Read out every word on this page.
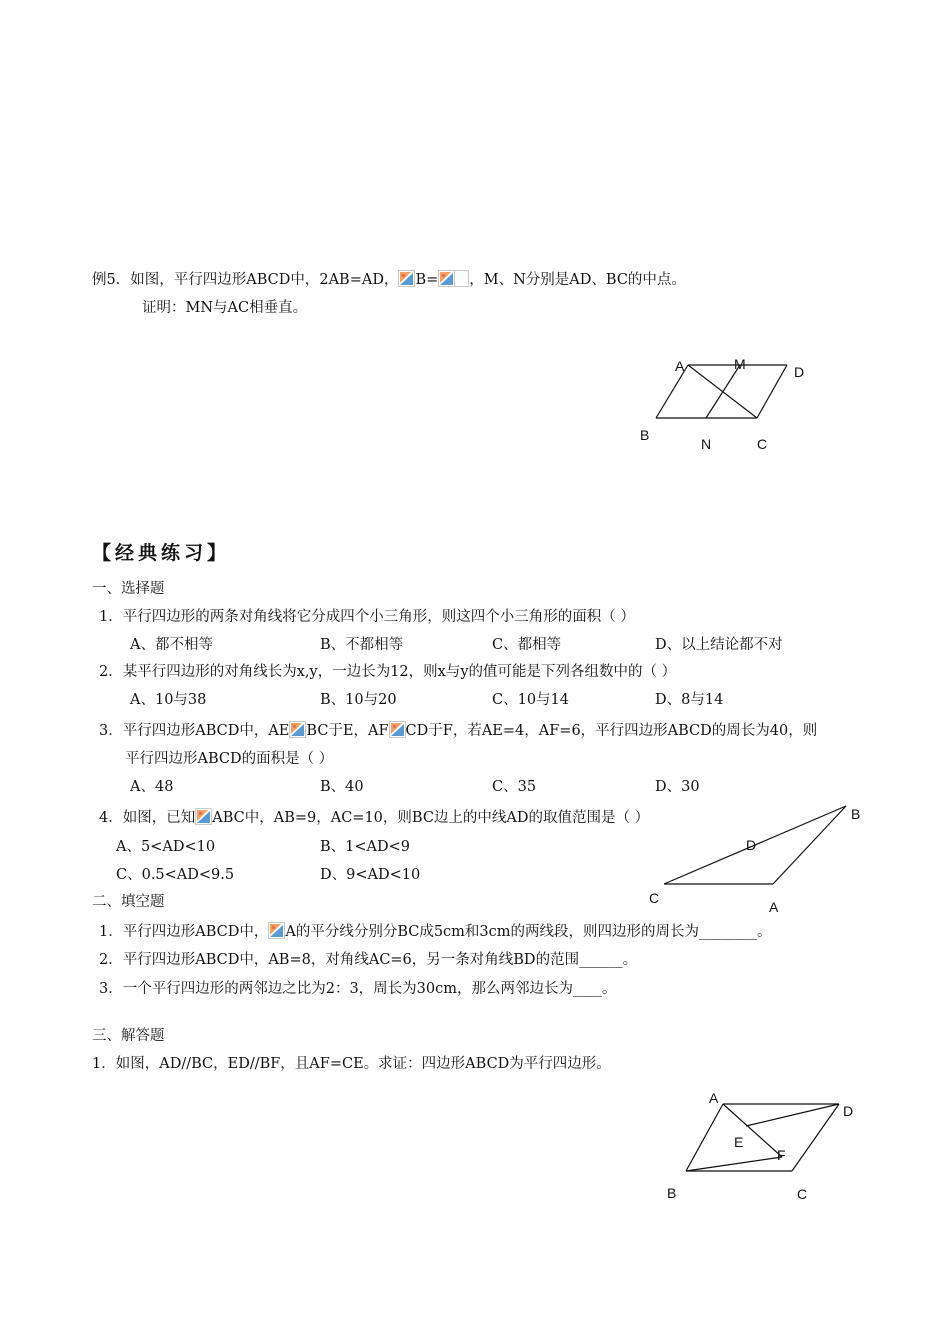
例5．如图，平行四边形ABCD中，2AB=AD， B= ，M、N分别是AD、BC的中点。
证明：MN与AC相垂直。
A	M	D
B
N	C
【经典练习】
一、选择题
1．平行四边形的两条对角线将它分成四个小三角形，则这四个小三角形的面积（ ）
A、都不相等	B、不都相等	C、都相等	D、以上结论都不对
2．某平行四边形的对角线长为x,y，一边长为12，则x与y的值可能是下列各组数中的（ ）
A、10与38	B、10与20	C、10与14	D、8与14
3．平行四边形ABCD中，AE BC于E，AF CD于F，若AE=4，AF=6，平行四边形ABCD的周长为40，则
平行四边形ABCD的面积是（ ）
A、48	B、40	C、35	D、30
4．如图，已知 ABC中，AB=9，AC=10，则BC边上的中线AD的取值范围是（ ）
A、5<AD<10	B、1<AD<9
C、0.5<AD<9.5	D、9<AD<10
B
D
C
A
二、填空题
1．平行四边形ABCD中， A的平分线分别分BC成5cm和3cm的两线段，则四边形的周长为________。
2．平行四边形ABCD中，AB=8，对角线AC=6，另一条对角线BD的范围______。
3．一个平行四边形的两邻边之比为2：3，周长为30cm，那么两邻边长为____。
三、解答题
1．如图，AD//BC，ED//BF，且AF=CE。求证：四边形ABCD为平行四边形。
A
D
E
F
B	C
